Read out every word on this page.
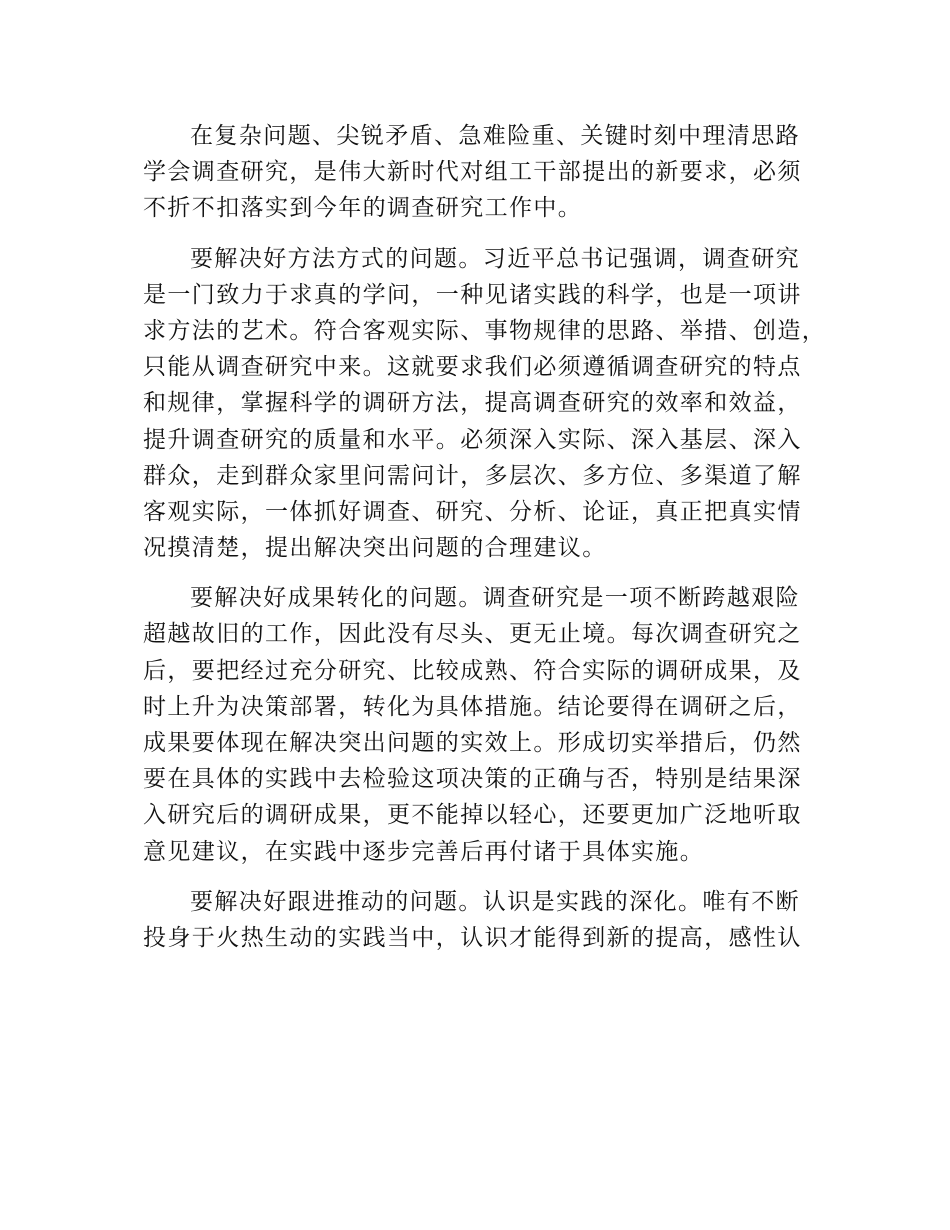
在复杂问题、尖锐矛盾、急难险重、关键时刻中理清思路
学会调查研究，是伟大新时代对组工干部提出的新要求，必须
不折不扣落实到今年的调查研究工作中。
要解决好方法方式的问题。习近平总书记强调，调查研究
是一门致力于求真的学问，一种见诸实践的科学，也是一项讲
求方法的艺术。符合客观实际、事物规律的思路、举措、创造，
只能从调查研究中来。这就要求我们必须遵循调查研究的特点
和规律，掌握科学的调研方法，提高调查研究的效率和效益，
提升调查研究的质量和水平。必须深入实际、深入基层、深入
群众，走到群众家里问需问计，多层次、多方位、多渠道了解
客观实际，一体抓好调查、研究、分析、论证，真正把真实情
况摸清楚，提出解决突出问题的合理建议。
要解决好成果转化的问题。调查研究是一项不断跨越艰险
超越故旧的工作，因此没有尽头、更无止境。每次调查研究之
后，要把经过充分研究、比较成熟、符合实际的调研成果，及
时上升为决策部署，转化为具体措施。结论要得在调研之后，
成果要体现在解决突出问题的实效上。形成切实举措后，仍然
要在具体的实践中去检验这项决策的正确与否，特别是结果深
入研究后的调研成果，更不能掉以轻心，还要更加广泛地听取
意见建议，在实践中逐步完善后再付诸于具体实施。
要解决好跟进推动的问题。认识是实践的深化。唯有不断
投身于火热生动的实践当中，认识才能得到新的提高，感性认
